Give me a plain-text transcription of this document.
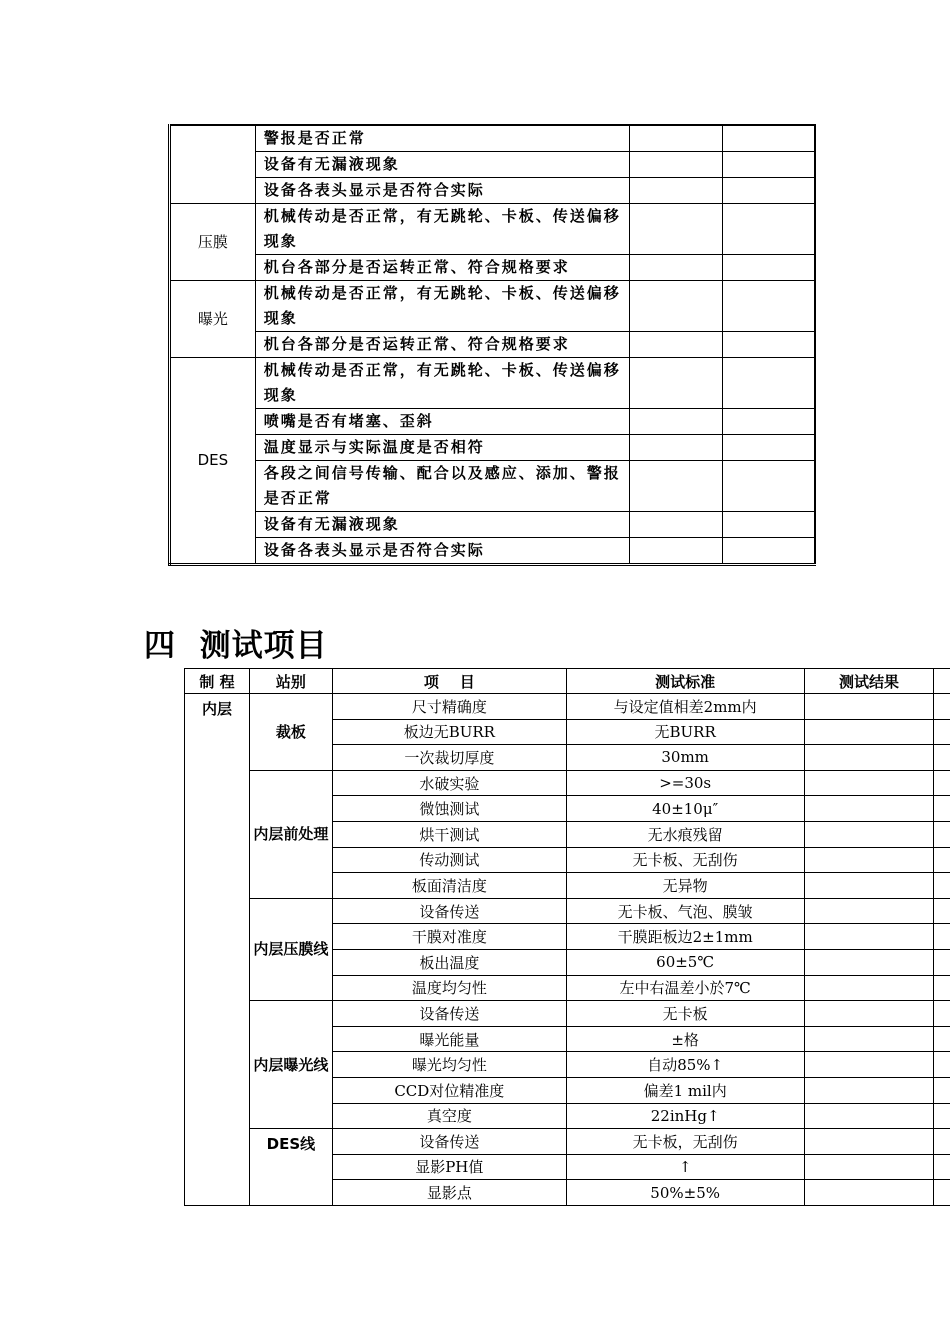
	警报是否正常		
	设备有无漏液现象		
	设备各表头显示是否符合实际		
压膜	机械传动是否正常，有无跳轮、卡板、传送偏移现象		
	机台各部分是否运转正常、符合规格要求		
曝光	机械传动是否正常，有无跳轮、卡板、传送偏移现象		
	机台各部分是否运转正常、符合规格要求		
DES	机械传动是否正常，有无跳轮、卡板、传送偏移现象		
	喷嘴是否有堵塞、歪斜		
	温度显示与实际温度是否相符		
	各段之间信号传输、配合以及感应、添加、警报是否正常		
	设备有无漏液现象		
	设备各表头显示是否符合实际		
四  测试项目
制 程	站别	项    目	测试标准	测试结果	
内层	裁板	尺寸精确度	与设定值相差2mm内		
		板边无BURR	无BURR		
		一次裁切厚度	30mm		
	内层前处理	水破实验	>=30s		
		微蚀测试	40±10μ″		
		烘干测试	无水痕残留		
		传动测试	无卡板、无刮伤		
		板面清洁度	无异物		
	内层压膜线	设备传送	无卡板、气泡、膜皱		
		干膜对准度	干膜距板边2±1mm		
		板出温度	60±5℃		
		温度均匀性	左中右温差小於7℃		
	内层曝光线	设备传送	无卡板		
		曝光能量	±格		
		曝光均匀性	自动85%↑		
		CCD对位精准度	偏差1 mil内		
		真空度	22inHg↑		
	DES线	设备传送	无卡板，无刮伤		
		显影PH值	↑		
		显影点	50%±5%		
